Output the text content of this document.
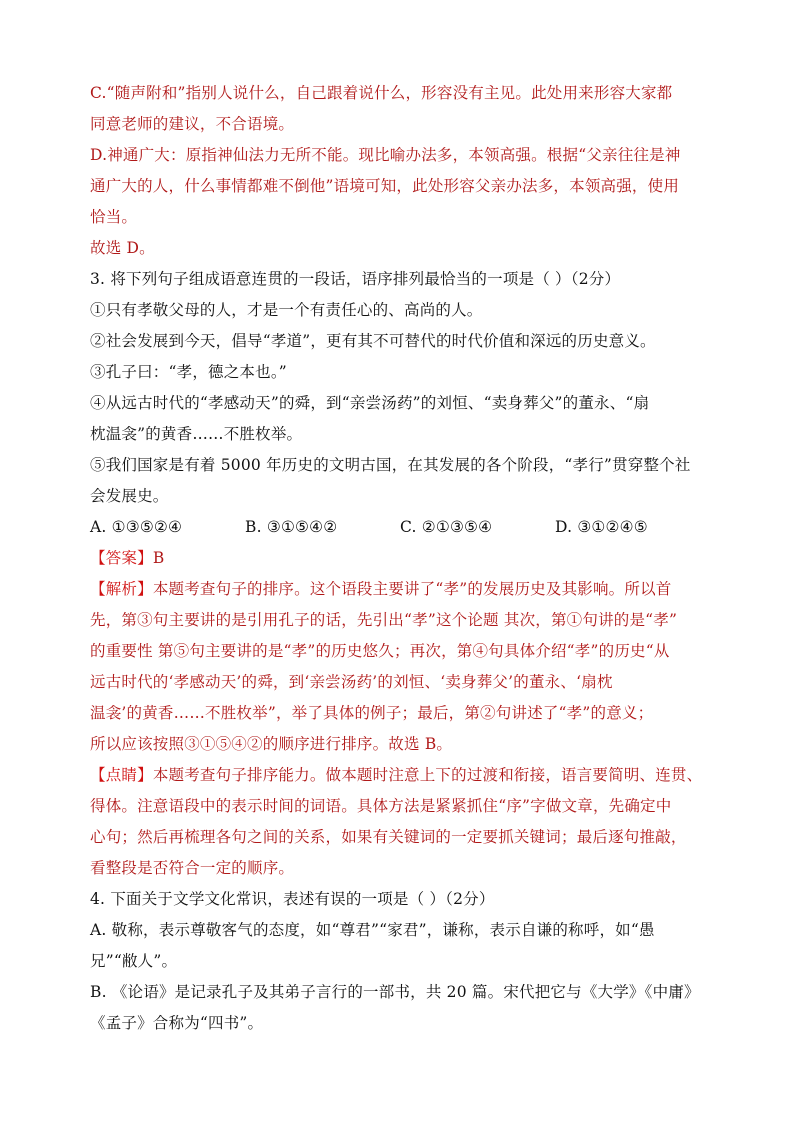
C.“随声附和”指别人说什么，自己跟着说什么，形容没有主见。此处用来形容大家都
同意老师的建议，不合语境。
D.神通广大：原指神仙法力无所不能。现比喻办法多，本领高强。根据“父亲往往是神
通广大的人，什么事情都难不倒他”语境可知，此处形容父亲办法多，本领高强，使用
恰当。
故选 D。
3. 将下列句子组成语意连贯的一段话，语序排列最恰当的一项是（ ）（2分）
①只有孝敬父母的人，才是一个有责任心的、高尚的人。
②社会发展到今天，倡导“孝道”，更有其不可替代的时代价值和深远的历史意义。
③孔子曰：“孝，德之本也。”
④从远古时代的“孝感动天”的舜，到“亲尝汤药”的刘恒、“卖身葬父”的董永、“扇
枕温衾”的黄香……不胜枚举。
⑤我们国家是有着 5000 年历史的文明古国，在其发展的各个阶段，“孝行”贯穿整个社
会发展史。
A. ①③⑤②④	B. ③①⑤④②	C. ②①③⑤④	D. ③①②④⑤
【答案】B
【解析】本题考查句子的排序。这个语段主要讲了“孝”的发展历史及其影响。所以首
先，第③句主要讲的是引用孔子的话，先引出“孝”这个论题 其次，第①句讲的是“孝”
的重要性 第⑤句主要讲的是“孝”的历史悠久；再次，第④句具体介绍“孝”的历史“从
远古时代的‘孝感动天’的舜，到‘亲尝汤药’的刘恒、‘卖身葬父’的董永、‘扇枕
温衾’的黄香……不胜枚举”，举了具体的例子；最后，第②句讲述了“孝”的意义；
所以应该按照③①⑤④②的顺序进行排序。故选 B。
【点睛】本题考查句子排序能力。做本题时注意上下的过渡和衔接，语言要简明、连贯、
得体。注意语段中的表示时间的词语。具体方法是紧紧抓住“序”字做文章，先确定中
心句；然后再梳理各句之间的关系，如果有关键词的一定要抓关键词；最后逐句推敲，
看整段是否符合一定的顺序。
4. 下面关于文学文化常识，表述有误的一项是（ ）（2分）
A. 敬称，表示尊敬客气的态度，如“尊君”“家君”，谦称，表示自谦的称呼，如“愚
兄”“敝人”。
B. 《论语》是记录孔子及其弟子言行的一部书，共 20 篇。宋代把它与《大学》《中庸》
《孟子》合称为“四书”。
